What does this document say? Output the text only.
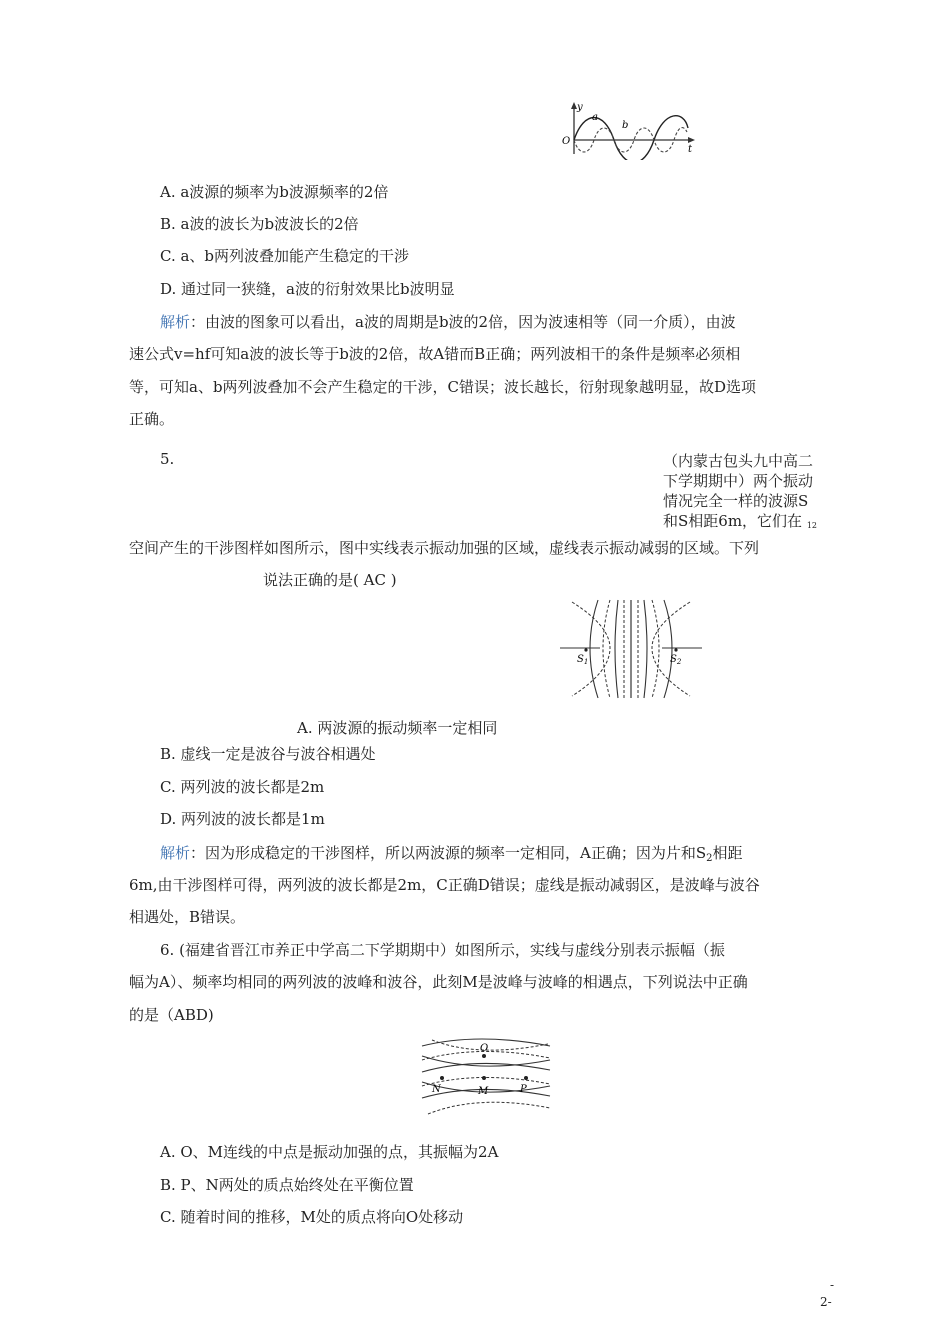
y
O
a
b
t
A. a波源的频率为b波源频率的2倍
B. a波的波长为b波波长的2倍
C. a、b两列波叠加能产生稳定的干涉
D. 通过同一狭缝，a波的衍射效果比b波明显
解析：由波的图象可以看出，a波的周期是b波的2倍，因为波速相等（同一介质），由波
速公式v=hf可知a波的波长等于b波的2倍，故A错而B正确；两列波相干的条件是频率必须相
等，可知a、b两列波叠加不会产生稳定的干涉，C错误；波长越长，衍射现象越明显，故D选项
正确。
5.	（内蒙古包头九中高二
下学期期中）两个振动
情况完全一样的波源S
和S相距6m，它们在 12
空间产生的干涉图样如图所示，图中实线表示振动加强的区域，虚线表示振动减弱的区域。下列
说法正确的是( AC )
$S_1$	$S_2$
A. 两波源的振动频率一定相同
B. 虚线一定是波谷与波谷相遇处
C. 两列波的波长都是2m
D. 两列波的波长都是1m
解析：因为形成稳定的干涉图样，所以两波源的频率一定相同，A正确；因为片和$S_2$相距
6m,由干涉图样可得，两列波的波长都是2m，C正确D错误；虚线是振动减弱区，是波峰与波谷
相遇处，B错误。
6. (福建省晋江市养正中学高二下学期期中）如图所示，实线与虚线分别表示振幅（振
幅为A）、频率均相同的两列波的波峰和波谷，此刻M是波峰与波峰的相遇点，下列说法中正确
的是（ABD)
O
N	M	P
A. O、M连线的中点是振动加强的点，其振幅为2A
B. P、N两处的质点始终处在平衡位置
C. 随着时间的推移，M处的质点将向O处移动
-
2-
